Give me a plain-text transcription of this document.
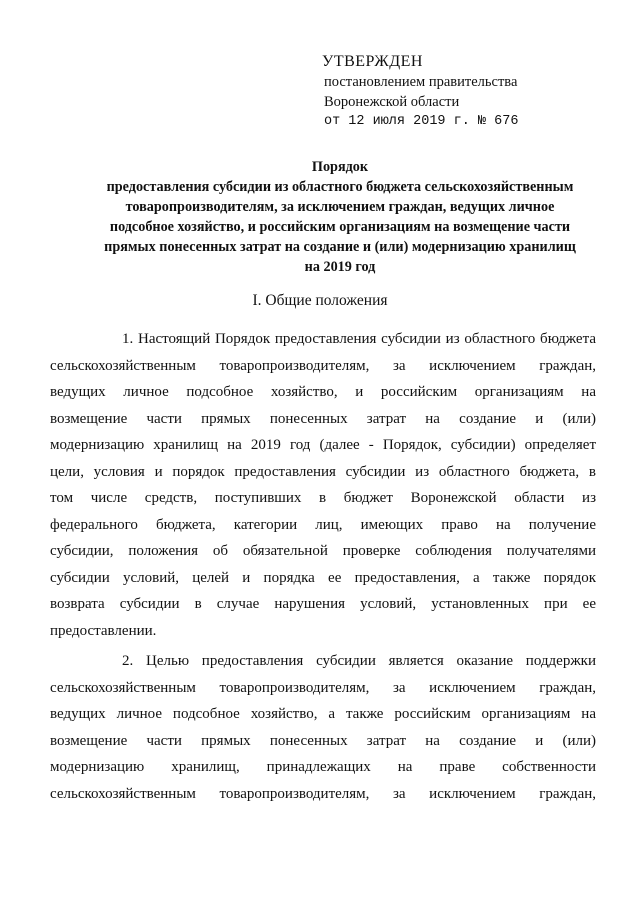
УТВЕРЖДЕН
постановлением правительства
Воронежской области
от 12 июля 2019 г. № 676
Порядок
предоставления субсидии из областного бюджета сельскохозяйственным
товаропроизводителям, за исключением граждан, ведущих личное
подсобное хозяйство, и российским организациям на возмещение части
прямых понесенных затрат на создание и (или) модернизацию хранилищ
на 2019 год
I. Общие положения
1. Настоящий Порядок предоставления субсидии из областного бюджета
сельскохозяйственным товаропроизводителям, за исключением граждан,
ведущих личное подсобное хозяйство, и российским организациям на
возмещение части прямых понесенных затрат на создание и (или)
модернизацию хранилищ на 2019 год (далее - Порядок, субсидии) определяет
цели, условия и порядок предоставления субсидии из областного бюджета, в
том числе средств, поступивших в бюджет Воронежской области из
федерального бюджета, категории лиц, имеющих право на получение
субсидии, положения об обязательной проверке соблюдения получателями
субсидии условий, целей и порядка ее предоставления, а также порядок
возврата субсидии в случае нарушения условий, установленных при ее
предоставлении.
2. Целью предоставления субсидии является оказание поддержки
сельскохозяйственным товаропроизводителям, за исключением граждан,
ведущих личное подсобное хозяйство, а также российским организациям на
возмещение части прямых понесенных затрат на создание и (или)
модернизацию хранилищ, принадлежащих на праве собственности
сельскохозяйственным товаропроизводителям, за исключением граждан,
